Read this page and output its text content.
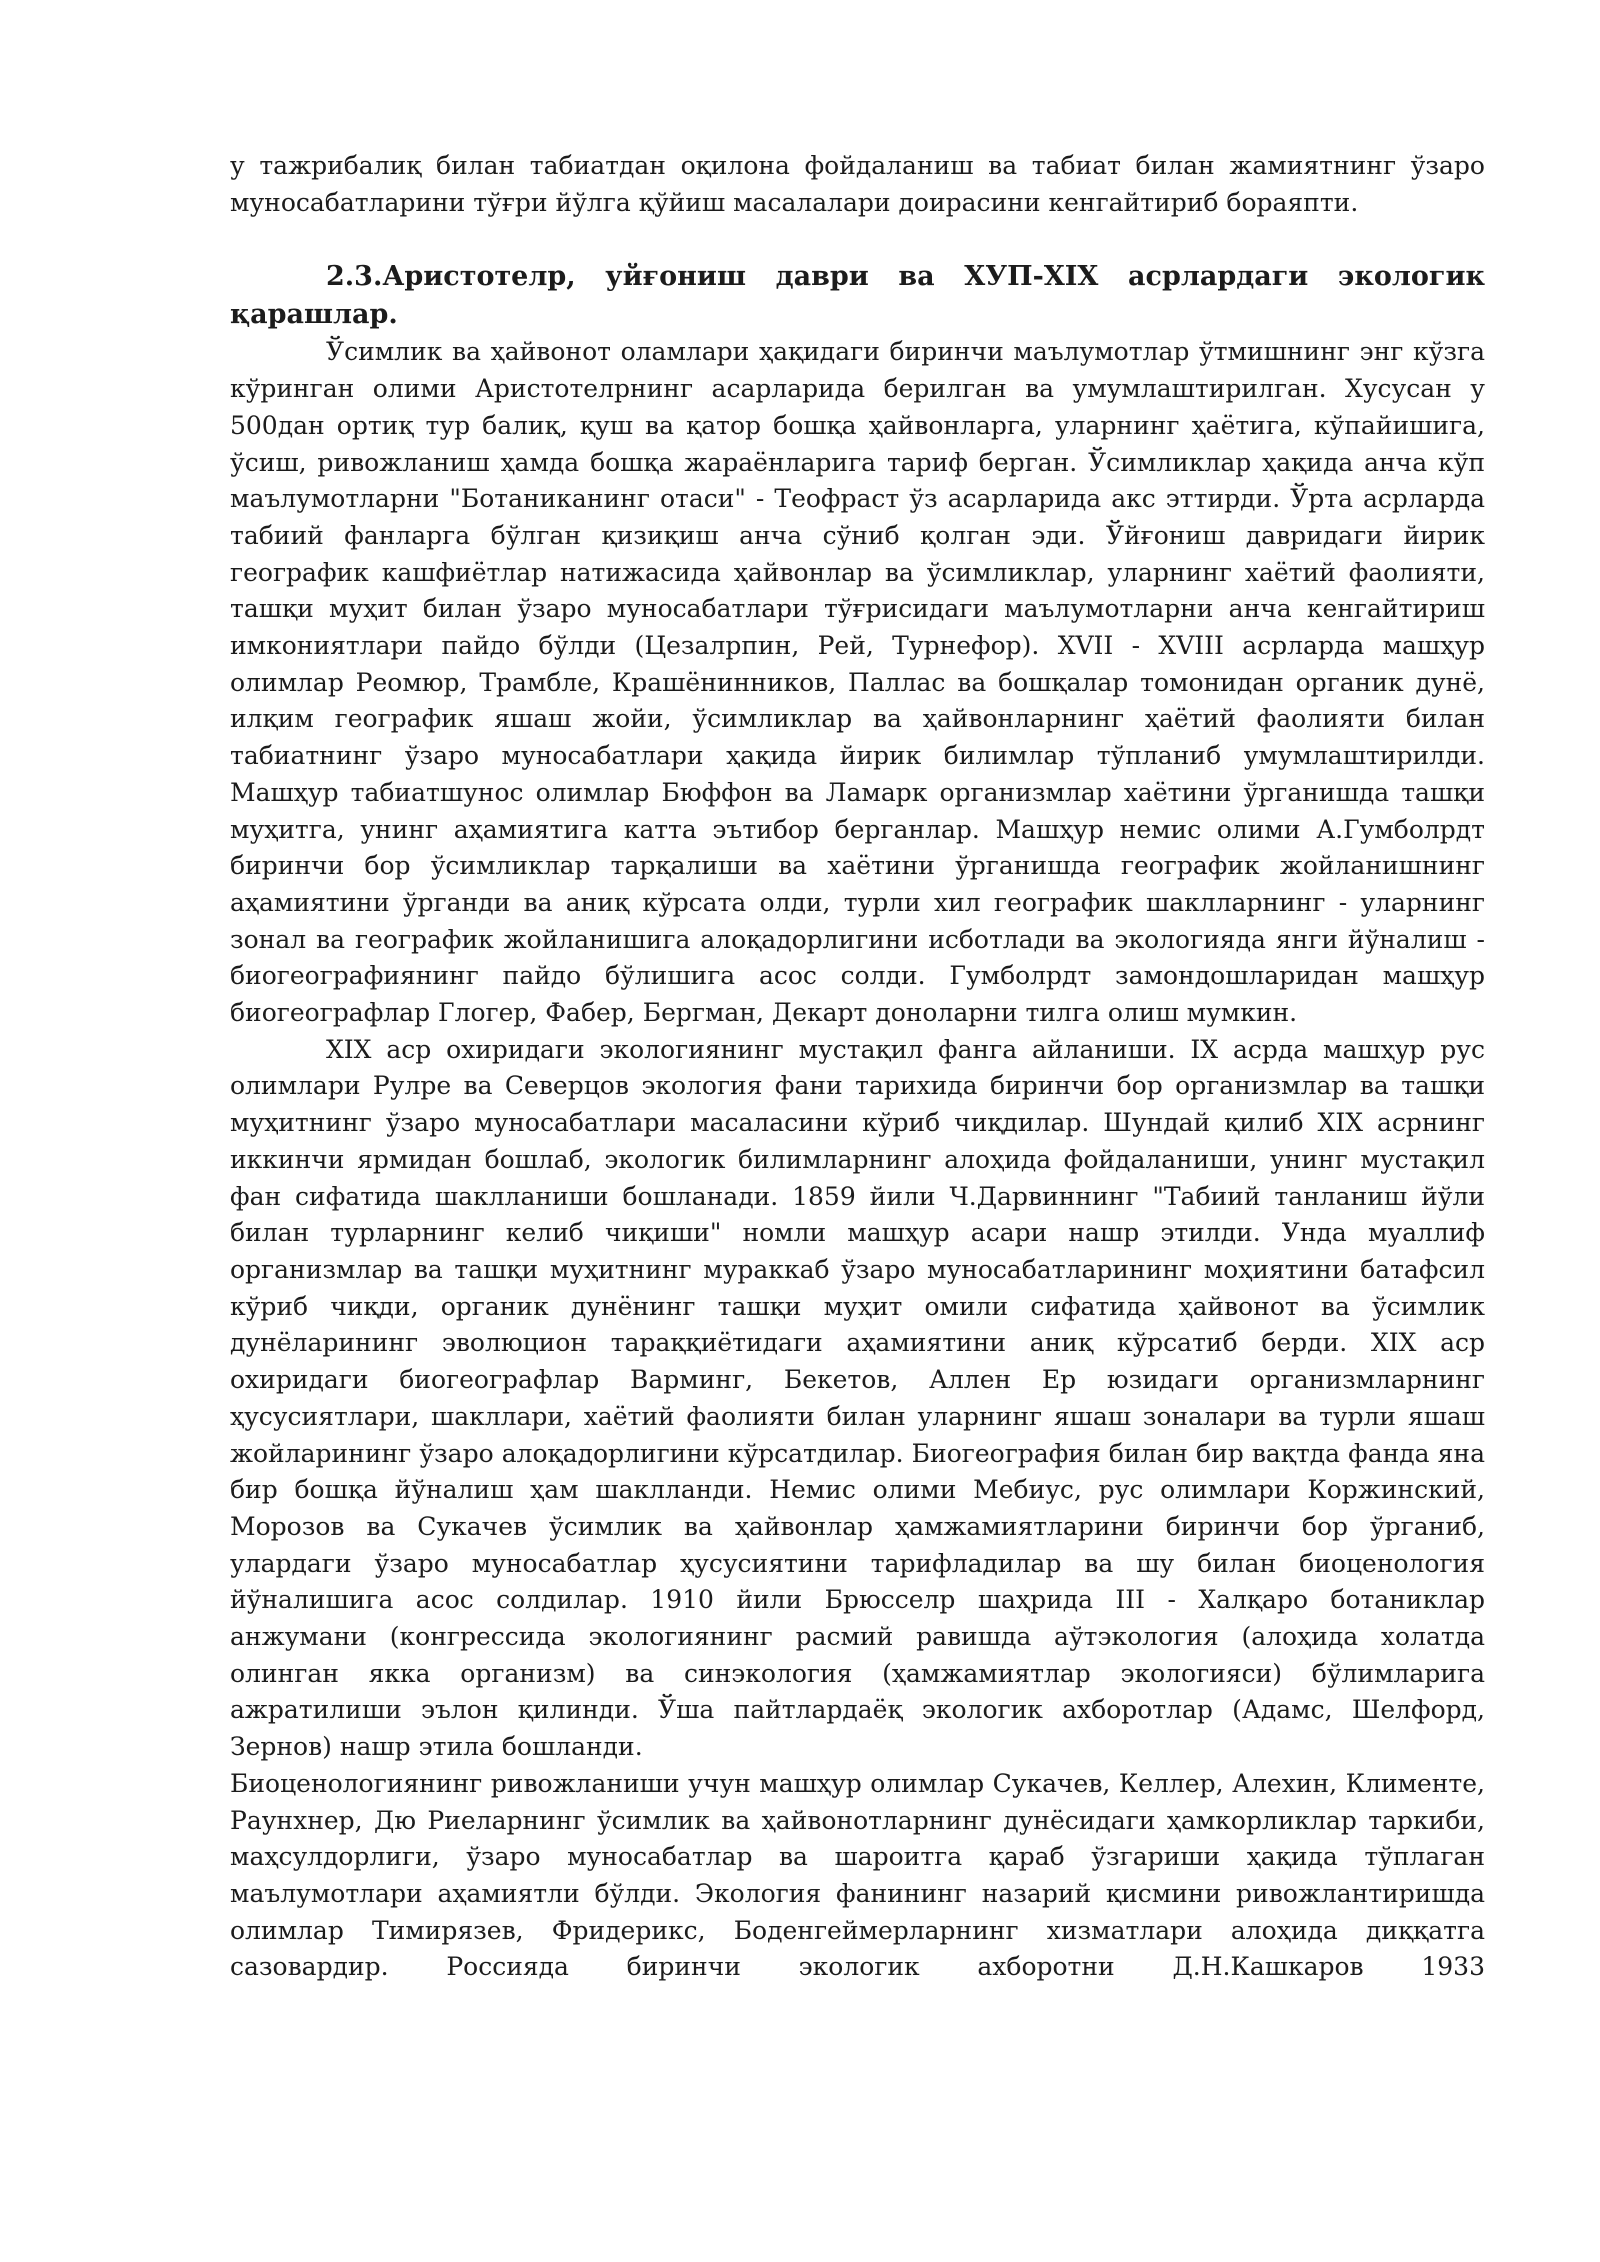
у тажрибалиқ билан табиатдан оқилона фойдаланиш ва табиат билан жамиятнинг ўзаро муносабатларини тўғри йўлга қўйиш масалалари доирасини кенгайтириб бораяпти.

2.3.Аристотелр, уйғониш даври ва ХУП-XIX асрлардаги экологик қарашлар.

Ўсимлик ва ҳайвонот оламлари ҳақидаги биринчи маълумотлар ўтмишнинг энг кўзга кўринган олими Аристотелрнинг асарларида берилган ва умумлаштирилган. Хусусан у 500дан ортиқ тур балиқ, қуш ва қатор бошқа ҳайвонларга, уларнинг ҳаётига, кўпайишига, ўсиш, ривожланиш ҳамда бошқа жараёнларига тариф берган. Ўсимликлар ҳақида анча кўп маълумотларни "Ботаниканинг отаси" - Теофраст ўз асарларида акс эттирди. Ўрта асрларда табиий фанларга бўлган қизиқиш анча сўниб қолган эди. Ўйғониш давридаги йирик географик кашфиётлар натижасида ҳайвонлар ва ўсимликлар, уларнинг хаётий фаолияти, ташқи муҳит билан ўзаро муносабатлари тўғрисидаги маълумотларни анча кенгайтириш имкониятлари пайдо бўлди (Цезалрпин, Рей, Турнефор). XVII - XVIII асрларда машҳур олимлар Реомюр, Трамбле, Крашёнинников, Паллас ва бошқалар томонидан органик дунё, илқим географик яшаш жойи, ўсимликлар ва ҳайвонларнинг ҳаётий фаолияти билан табиатнинг ўзаро муносабатлари ҳақида йирик билимлар тўпланиб умумлаштирилди. Машҳур табиатшунос олимлар Бюффон ва Ламарк организмлар хаётини ўрганишда ташқи муҳитга, унинг аҳамиятига катта эътибор берганлар. Машҳур немис олими А.Гумболрдт биринчи бор ўсимликлар тарқалиши ва хаётини ўрганишда географик жойланишнинг аҳамиятини ўрганди ва аниқ кўрсата олди, турли хил географик шаклларнинг - уларнинг зонал ва географик жойланишига алоқадорлигини исботлади ва экологияда янги йўналиш - биогеографиянинг пайдо бўлишига асос солди. Гумболрдт замондошларидан машҳур биогеографлар Глогер, Фабер, Бергман, Декарт доноларни тилга олиш мумкин.

XIX аср охиридаги экологиянинг мустақил фанга айланиши. IX асрда машҳур рус олимлари Рулре ва Северцов экология фани тарихида биринчи бор организмлар ва ташқи муҳитнинг ўзаро муносабатлари масаласини кўриб чиқдилар. Шундай қилиб XIX асрнинг иккинчи ярмидан бошлаб, экологик билимларнинг алоҳида фойдаланиши, унинг мустақил фан сифатида шаклланиши бошланади. 1859 йили Ч.Дарвиннинг "Табиий танланиш йўли билан турларнинг келиб чиқиши" номли машҳур асари нашр этилди. Унда муаллиф организмлар ва ташқи муҳитнинг мураккаб ўзаро муносабатларининг моҳиятини батафсил кўриб чиқди, органик дунёнинг ташқи муҳит омили сифатида ҳайвонот ва ўсимлик дунёларининг эволюцион тараққиётидаги аҳамиятини аниқ кўрсатиб берди. XIX аср охиридаги биогеографлар Варминг, Бекетов, Аллен Ер юзидаги организмларнинг ҳусусиятлари, шакллари, хаётий фаолияти билан уларнинг яшаш зоналари ва турли яшаш жойларининг ўзаро алоқадорлигини кўрсатдилар. Биогеография билан бир вақтда фанда яна бир бошқа йўналиш ҳам шаклланди. Немис олими Мебиус, рус олимлари Коржинский, Морозов ва Сукачев ўсимлик ва ҳайвонлар ҳамжамиятларини биринчи бор ўрганиб, улардаги ўзаро муносабатлар ҳусусиятини тарифладилар ва шу билан биоценология йўналишига асос солдилар. 1910 йили Брюсселр шаҳрида III - Халқаро ботаниклар анжумани (конгрессида экологиянинг расмий равишда аўтэкология (алоҳида холатда олинган якка организм) ва синэкология (ҳамжамиятлар экологияси) бўлимларига ажратилиши эълон қилинди. Ўша пайтлардаёқ экологик ахборотлар (Адамс, Шелфорд, Зернов) нашр этила бошланди.

Биоценологиянинг ривожланиши учун машҳур олимлар Сукачев, Келлер, Алехин, Клименте, Раунхнер, Дю Риеларнинг ўсимлик ва ҳайвонотларнинг дунёсидаги ҳамкорликлар таркиби, маҳсулдорлиги, ўзаро муносабатлар ва шароитга қараб ўзгариши ҳақида тўплаган маълумотлари аҳамиятли бўлди. Экология фанининг назарий қисмини ривожлантиришда олимлар Тимирязев, Фридерикс, Боденгеймерларнинг хизматлари алоҳида диққатга сазовардир. Россияда биринчи экологик ахборотни Д.Н.Кашкаров 1933
